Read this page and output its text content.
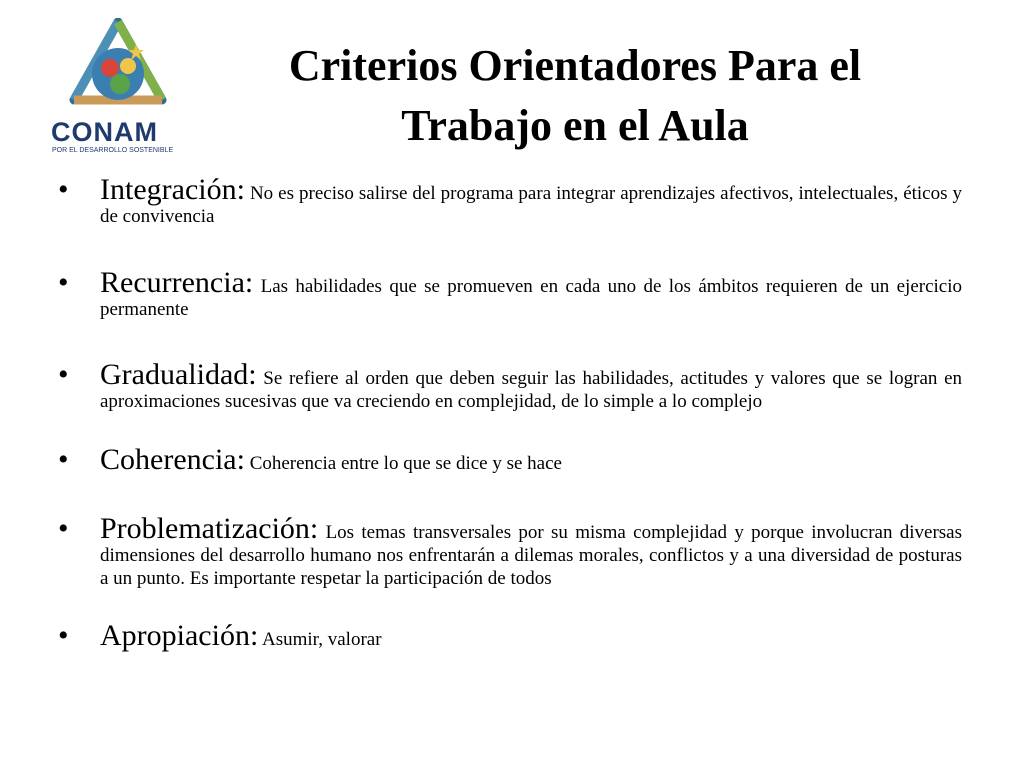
CONAM
POR EL DESARROLLO SOSTENIBLE
Criterios Orientadores Para el
Trabajo en el Aula
• Integración: No es preciso salirse del programa para integrar aprendizajes afectivos, intelectuales, éticos y de convivencia
• Recurrencia: Las habilidades que se promueven en cada uno de los ámbitos requieren de un ejercicio permanente
• Gradualidad: Se refiere al orden que deben seguir las habilidades, actitudes y valores que se logran en aproximaciones sucesivas que va creciendo en complejidad, de lo simple a lo complejo
• Coherencia: Coherencia entre lo que se dice y se hace
• Problematización: Los temas transversales por su misma complejidad y porque involucran diversas dimensiones del desarrollo humano nos enfrentarán a dilemas morales, conflictos y a una diversidad de posturas a un punto. Es importante respetar la participación de todos
• Apropiación: Asumir, valorar
